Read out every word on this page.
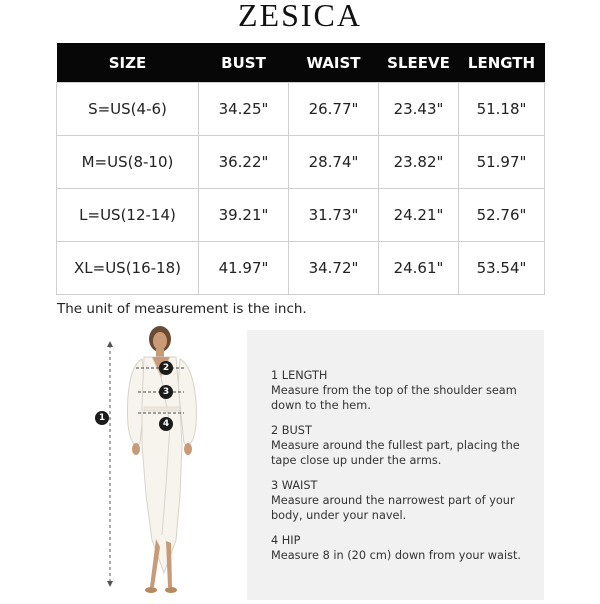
ZESICA
SIZE	BUST	WAIST	SLEEVE	LENGTH
S=US(4-6)	34.25"	26.77"	23.43"	51.18"
M=US(8-10)	36.22"	28.74"	23.82"	51.97"
L=US(12-14)	39.21"	31.73"	24.21"	52.76"
XL=US(16-18)	41.97"	34.72"	24.61"	53.54"
The unit of measurement is the inch.
1
2
3
4
1 LENGTH
Measure from the top of the shoulder seam down to the hem.
2 BUST
Measure around the fullest part, placing the tape close up under the arms.
3 WAIST
Measure around the narrowest part of your body, under your navel.
4 HIP
Measure 8 in (20 cm) down from your waist.
